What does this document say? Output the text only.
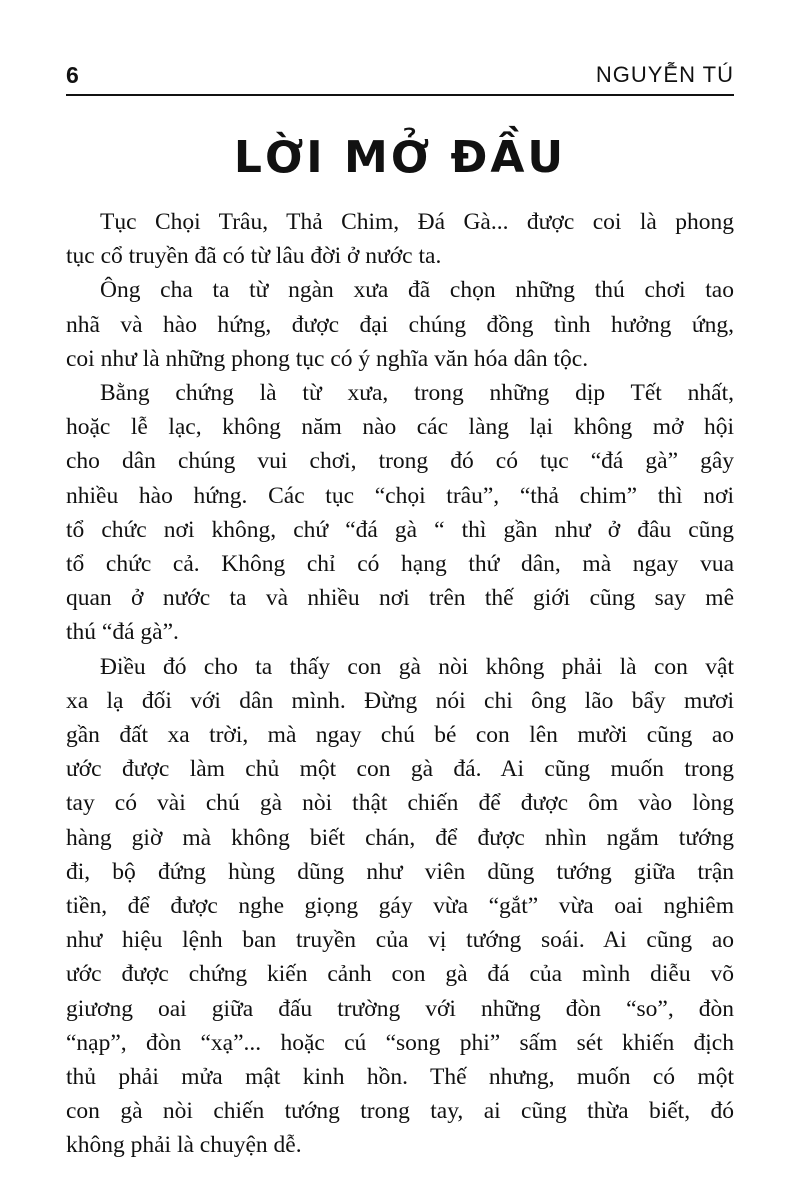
6	NGUYỄN TÚ
LỜI MỞ ĐẦU
Tục Chọi Trâu, Thả Chim, Đá Gà... được coi là phong
tục cổ truyền đã có từ lâu đời ở nước ta.
Ông cha ta từ ngàn xưa đã chọn những thú chơi tao
nhã và hào hứng, được đại chúng đồng tình hưởng ứng,
coi như là những phong tục có ý nghĩa văn hóa dân tộc.
Bằng chứng là từ xưa, trong những dịp Tết nhất,
hoặc lễ lạc, không năm nào các làng lại không mở hội
cho dân chúng vui chơi, trong đó có tục “đá gà” gây
nhiều hào hứng. Các tục “chọi trâu”, “thả chim” thì nơi
tổ chức nơi không, chứ “đá gà “ thì gần như ở đâu cũng
tổ chức cả. Không chỉ có hạng thứ dân, mà ngay vua
quan ở nước ta và nhiều nơi trên thế giới cũng say mê
thú “đá gà”.
Điều đó cho ta thấy con gà nòi không phải là con vật
xa lạ đối với dân mình. Đừng nói chi ông lão bẩy mươi
gần đất xa trời, mà ngay chú bé con lên mười cũng ao
ước được làm chủ một con gà đá. Ai cũng muốn trong
tay có vài chú gà nòi thật chiến để được ôm vào lòng
hàng giờ mà không biết chán, để được nhìn ngắm tướng
đi, bộ đứng hùng dũng như viên dũng tướng giữa trận
tiền, để được nghe giọng gáy vừa “gắt” vừa oai nghiêm
như hiệu lệnh ban truyền của vị tướng soái. Ai cũng ao
ước được chứng kiến cảnh con gà đá của mình diễu võ
giương oai giữa đấu trường với những đòn “so”, đòn
“nạp”, đòn “xạ”... hoặc cú “song phi” sấm sét khiến địch
thủ phải mửa mật kinh hồn. Thế nhưng, muốn có một
con gà nòi chiến tướng trong tay, ai cũng thừa biết, đó
không phải là chuyện dễ.
